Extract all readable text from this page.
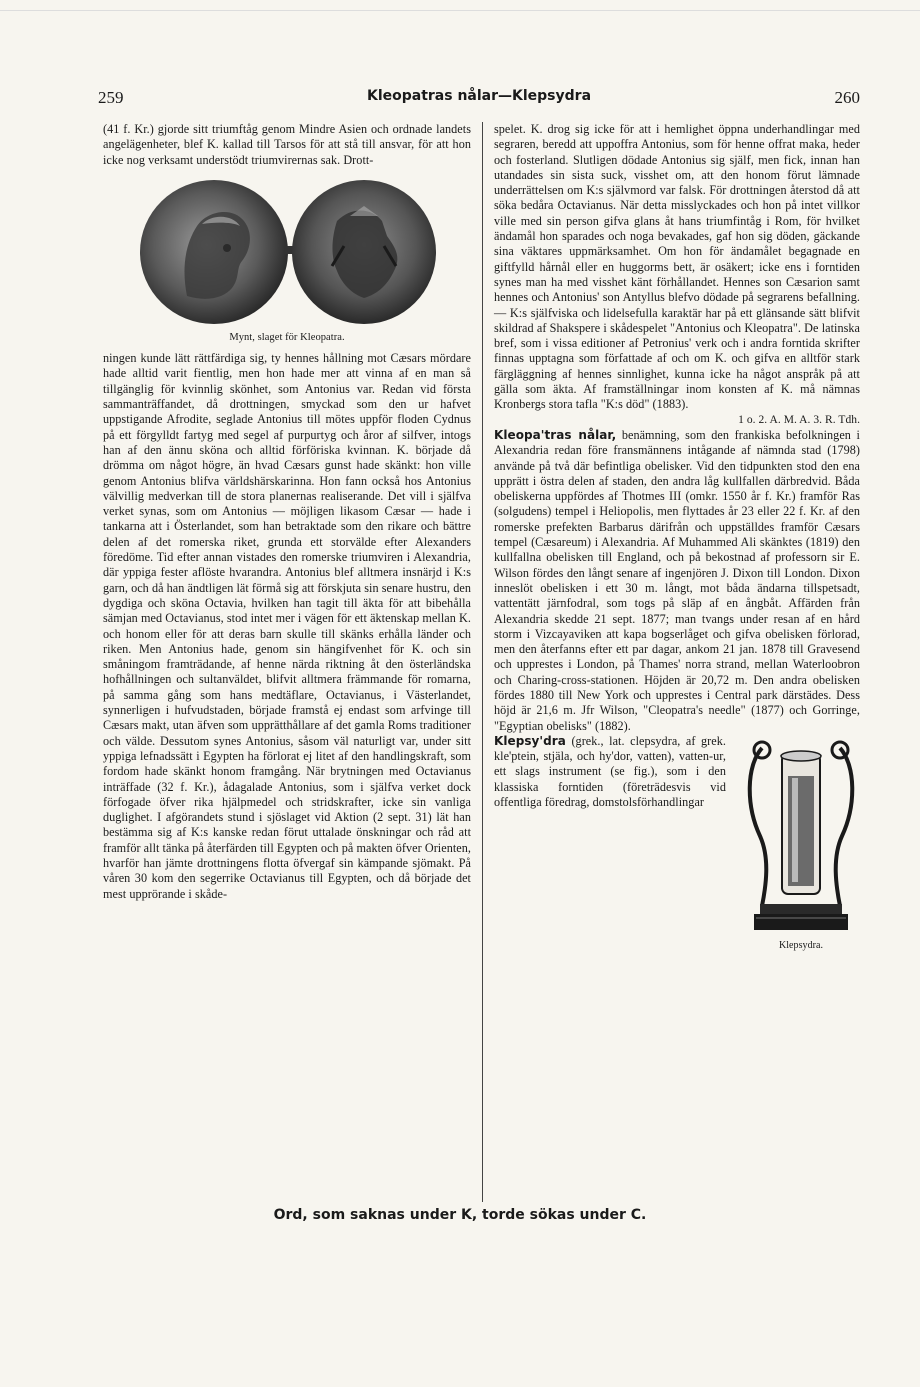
259	Kleopatras nålar—Klepsydra	260

(41 f. Kr.) gjorde sitt triumftåg genom Mindre Asien och ordnade landets angelägenheter, blef K. kallad till Tarsos för att stå till ansvar, för att hon icke nog verksamt understödt triumvirernas sak. Drott-

Mynt, slaget för Kleopatra.

ningen kunde lätt rättfärdiga sig, ty hennes hållning mot Cæsars mördare hade alltid varit fientlig, men hon hade mer att vinna af en man så tillgänglig för kvinnlig skönhet, som Antonius var. Redan vid första sammanträffandet, då drottningen, smyckad som den ur hafvet uppstigande Afrodite, seglade Antonius till mötes uppför floden Cydnus på ett förgylldt fartyg med segel af purpurtyg och åror af silfver, intogs han af den ännu sköna och alltid förföriska kvinnan. K. började då drömma om något högre, än hvad Cæsars gunst hade skänkt: hon ville genom Antonius blifva världshärskarinna. Hon fann också hos Antonius välvillig medverkan till de stora planernas realiserande. Det vill i själfva verket synas, som om Antonius — möjligen likasom Cæsar — hade i tankarna att i Österlandet, som han betraktade som den rikare och bättre delen af det romerska riket, grunda ett storvälde efter Alexanders föredöme. Tid efter annan vistades den romerske triumviren i Alexandria, där yppiga fester aflöste hvarandra. Antonius blef alltmera insnärjd i K:s garn, och då han ändtligen lät förmå sig att förskjuta sin senare hustru, den dygdiga och sköna Octavia, hvilken han tagit till äkta för att bibehålla sämjan med Octavianus, stod intet mer i vägen för ett äktenskap mellan K. och honom eller för att deras barn skulle till skänks erhålla länder och riken. Men Antonius hade, genom sin hängifvenhet för K. och sin småningom framträdande, af henne närda riktning åt den österländska hofhållningen och sultanväldet, blifvit alltmera främmande för romarna, på samma gång som hans medtäflare, Octavianus, i Västerlandet, synnerligen i hufvudstaden, började framstå ej endast som arfvinge till Cæsars makt, utan äfven som upprätthållare af det gamla Roms traditioner och välde. Dessutom synes Antonius, såsom väl naturligt var, under sitt yppiga lefnadssätt i Egypten ha förlorat ej litet af den handlingskraft, som fordom hade skänkt honom framgång. När brytningen med Octavianus inträffade (32 f. Kr.), ådagalade Antonius, som i själfva verket dock förfogade öfver rika hjälpmedel och stridskrafter, icke sin vanliga duglighet. I afgörandets stund i sjöslaget vid Aktion (2 sept. 31) lät han bestämma sig af K:s kanske redan förut uttalade önskningar och råd att framför allt tänka på återfärden till Egypten och på makten öfver Orienten, hvarför han jämte drottningens flotta öfvergaf sin kämpande sjömakt. På våren 30 kom den segerrike Octavianus till Egypten, och då började det mest upprörande i skåde-

spelet. K. drog sig icke för att i hemlighet öppna underhandlingar med segraren, beredd att uppoffra Antonius, som för henne offrat maka, heder och fosterland. Slutligen dödade Antonius sig själf, men fick, innan han utandades sin sista suck, visshet om, att den honom förut lämnade underrättelsen om K:s självmord var falsk. För drottningen återstod då att söka bedåra Octavianus. När detta misslyckades och hon på intet villkor ville med sin person gifva glans åt hans triumfintåg i Rom, för hvilket ändamål hon sparades och noga bevakades, gaf hon sig döden, gäckande sina väktares uppmärksamhet. Om hon för ändamålet begagnade en giftfylld hårnål eller en huggorms bett, är osäkert; icke ens i forntiden synes man ha med visshet känt förhållandet. Hennes son Cæsarion samt hennes och Antonius' son Antyllus blefvo dödade på segrarens befallning. — K:s själfviska och lidelsefulla karaktär har på ett glänsande sätt blifvit skildrad af Shakspere i skådespelet "Antonius och Kleopatra". De latinska bref, som i vissa editioner af Petronius' verk och i andra forntida skrifter finnas upptagna som författade af och om K. och gifva en alltför stark färgläggning af hennes sinnlighet, kunna icke ha något anspråk på att gälla som äkta. Af framställningar inom konsten af K. må nämnas Kronbergs stora tafla "K:s död" (1883).

1 o. 2. A. M. A. 3. R. Tdh.

Kleopa'tras nålar, benämning, som den frankiska befolkningen i Alexandria redan före fransmännens intågande af nämnda stad (1798) använde på två där befintliga obelisker. Vid den tidpunkten stod den ena upprätt i östra delen af staden, den andra låg kullfallen därbredvid. Båda obeliskerna uppfördes af Thotmes III (omkr. 1550 år f. Kr.) framför Ras (solgudens) tempel i Heliopolis, men flyttades år 23 eller 22 f. Kr. af den romerske prefekten Barbarus därifrån och uppställdes framför Cæsars tempel (Cæsareum) i Alexandria. Af Muhammed Ali skänktes (1819) den kullfallna obelisken till England, och på bekostnad af professorn sir E. Wilson fördes den långt senare af ingenjören J. Dixon till London. Dixon inneslöt obelisken i ett 30 m. långt, mot båda ändarna tillspetsadt, vattentätt järnfodral, som togs på släp af en ångbåt. Affärden från Alexandria skedde 21 sept. 1877; man tvangs under resan af en hård storm i Vizcayaviken att kapa bogserlåget och gifva obelisken förlorad, men den återfanns efter ett par dagar, ankom 21 jan. 1878 till Gravesend och upprestes i London, på Thames' norra strand, mellan Waterloobron och Charing-cross-stationen. Höjden är 20,72 m. Den andra obelisken fördes 1880 till New York och upprestes i Central park därstädes. Dess höjd är 21,6 m. Jfr Wilson, "Cleopatra's needle" (1877) och Gorringe, "Egyptian obelisks" (1882).

Klepsydra.
Klepsy'dra (grek., lat. clepsydra, af grek. kle'ptein, stjäla, och hy'dor, vatten), vatten-ur, ett slags instrument (se fig.), som i den klassiska forntiden (företrädesvis vid offentliga föredrag, domstolsförhandlingar

Ord, som saknas under K, torde sökas under C.
